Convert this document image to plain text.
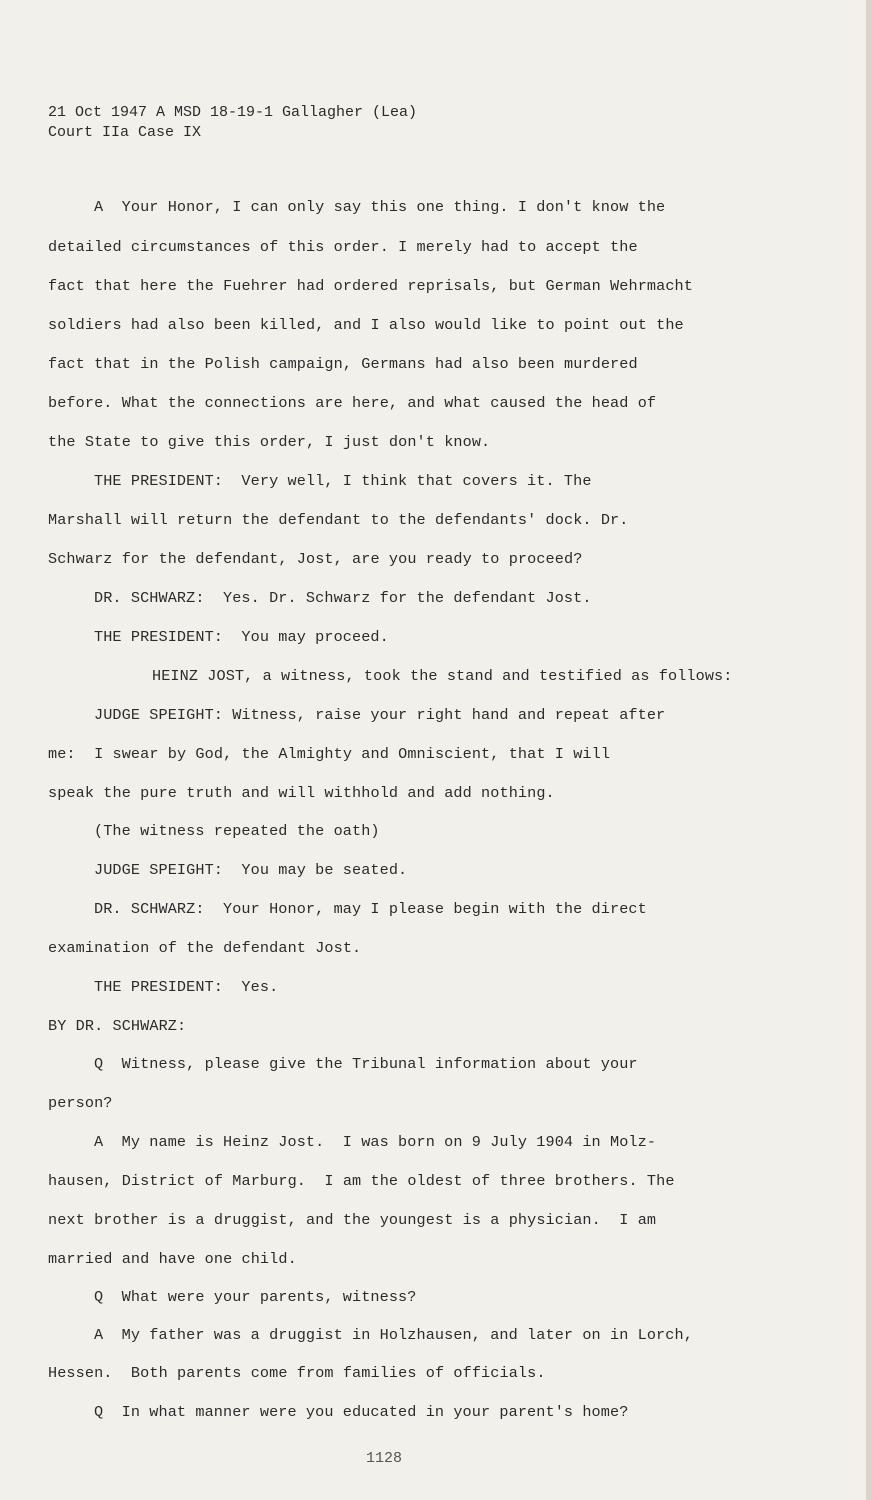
21 Oct 1947 A MSD 18-19-1 Gallagher (Lea)
Court IIa Case IX
A  Your Honor, I can only say this one thing. I don't know the
detailed circumstances of this order. I merely had to accept the
fact that here the Fuehrer had ordered reprisals, but German Wehrmacht
soldiers had also been killed, and I also would like to point out the
fact that in the Polish campaign, Germans had also been murdered
before. What the connections are here, and what caused the head of
the State to give this order, I just don't know.
THE PRESIDENT:  Very well, I think that covers it. The
Marshall will return the defendant to the defendants' dock. Dr.
Schwarz for the defendant, Jost, are you ready to proceed?
DR. SCHWARZ:  Yes. Dr. Schwarz for the defendant Jost.
THE PRESIDENT:  You may proceed.
HEINZ JOST, a witness, took the stand and testified as follows:
JUDGE SPEIGHT: Witness, raise your right hand and repeat after
me:  I swear by God, the Almighty and Omniscient, that I will
speak the pure truth and will withhold and add nothing.
(The witness repeated the oath)
JUDGE SPEIGHT:  You may be seated.
DR. SCHWARZ:  Your Honor, may I please begin with the direct
examination of the defendant Jost.
THE PRESIDENT:  Yes.
BY DR. SCHWARZ:
Q  Witness, please give the Tribunal information about your
person?
A  My name is Heinz Jost.  I was born on 9 July 1904 in Molz-
hausen, District of Marburg.  I am the oldest of three brothers. The
next brother is a druggist, and the youngest is a physician.  I am
married and have one child.
Q  What were your parents, witness?
A  My father was a druggist in Holzhausen, and later on in Lorch,
Hessen.  Both parents come from families of officials.
Q  In what manner were you educated in your parent's home?
1128
